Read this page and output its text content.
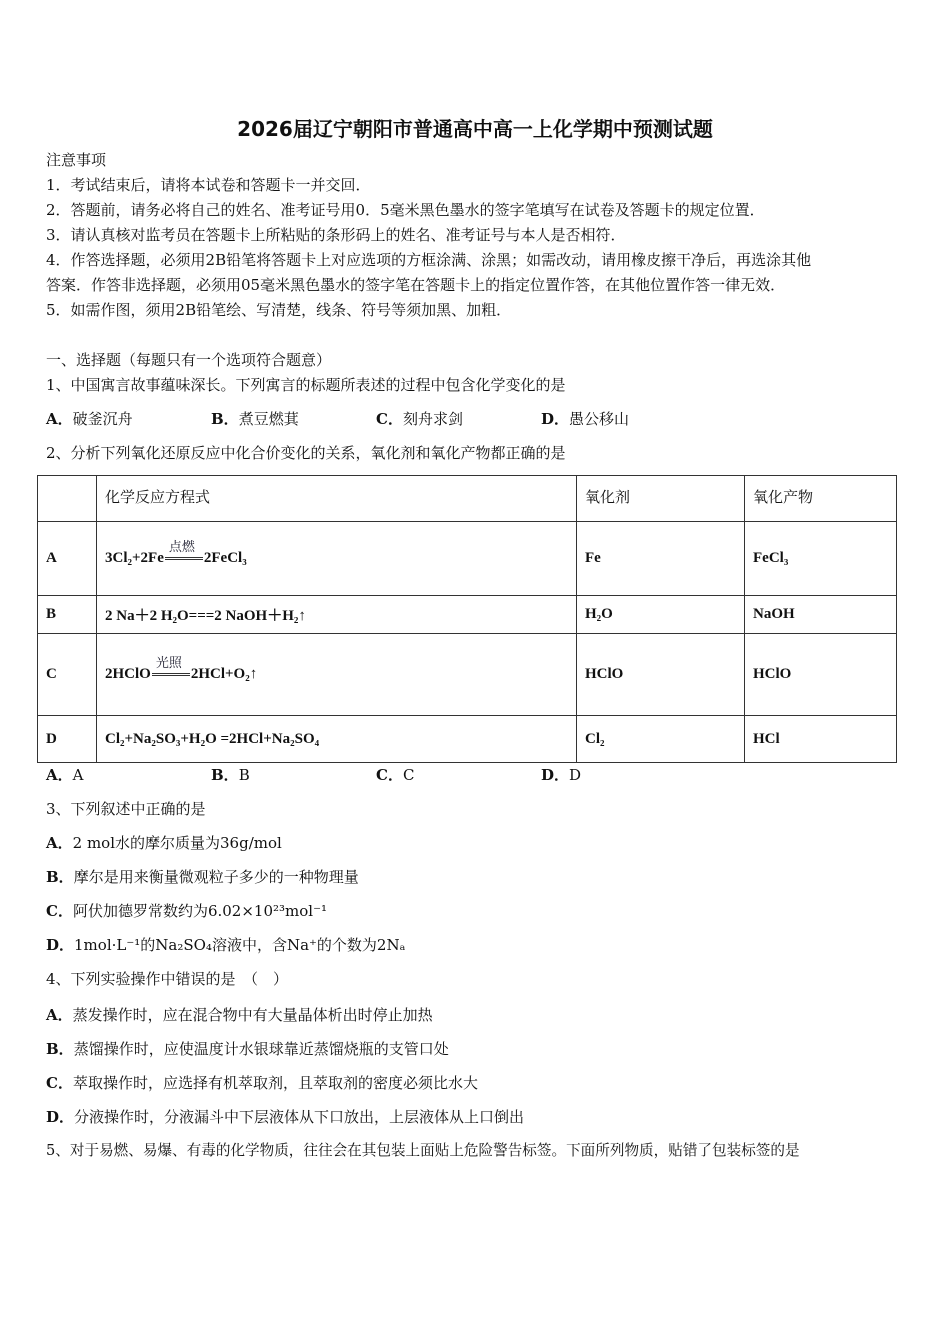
2026届辽宁朝阳市普通高中高一上化学期中预测试题
注意事项
1．考试结束后，请将本试卷和答题卡一并交回．
2．答题前，请务必将自己的姓名、准考证号用0．5毫米黑色墨水的签字笔填写在试卷及答题卡的规定位置．
3．请认真核对监考员在答题卡上所粘贴的条形码上的姓名、准考证号与本人是否相符．
4．作答选择题，必须用2B铅笔将答题卡上对应选项的方框涂满、涂黑；如需改动，请用橡皮擦干净后，再选涂其他
答案．作答非选择题，必须用05毫米黑色墨水的签字笔在答题卡上的指定位置作答，在其他位置作答一律无效．
5．如需作图，须用2B铅笔绘、写清楚，线条、符号等须加黑、加粗．
一、选择题（每题只有一个选项符合题意）
1、中国寓言故事蕴味深长。下列寓言的标题所表述的过程中包含化学变化的是
A．破釜沉舟	B．煮豆燃萁	C．刻舟求剑	D．愚公移山
2、分析下列氧化还原反应中化合价变化的关系，氧化剂和氧化产物都正确的是
	化学反应方程式	氧化剂	氧化产物
A	3Cl₂+2Fe
点燃
2FeCl₃	Fe	FeCl₃
B	2 Na＋2 H₂O===2 NaOH＋H₂↑	H₂O	NaOH
C	2HClO
光照
2HCl+O₂↑	HClO	HClO
D	Cl₂+Na₂SO₃+H₂O =2HCl+Na₂SO₄	Cl₂	HCl
A．A	B．B	C．C	D．D
3、下列叙述中正确的是
A．2 mol水的摩尔质量为36g/mol
B．摩尔是用来衡量微观粒子多少的一种物理量
C．阿伏加德罗常数约为6.02×10²³mol⁻¹
D．1mol·L⁻¹的Na₂SO₄溶液中，含Na⁺的个数为2Nₐ
4、下列实验操作中错误的是　（　）
A．蒸发操作时，应在混合物中有大量晶体析出时停止加热
B．蒸馏操作时，应使温度计水银球靠近蒸馏烧瓶的支管口处
C．萃取操作时，应选择有机萃取剂，且萃取剂的密度必须比水大
D．分液操作时，分液漏斗中下层液体从下口放出，上层液体从上口倒出
5、对于易燃、易爆、有毒的化学物质，往往会在其包装上面贴上危险警告标签。下面所列物质，贴错了包装标签的是
